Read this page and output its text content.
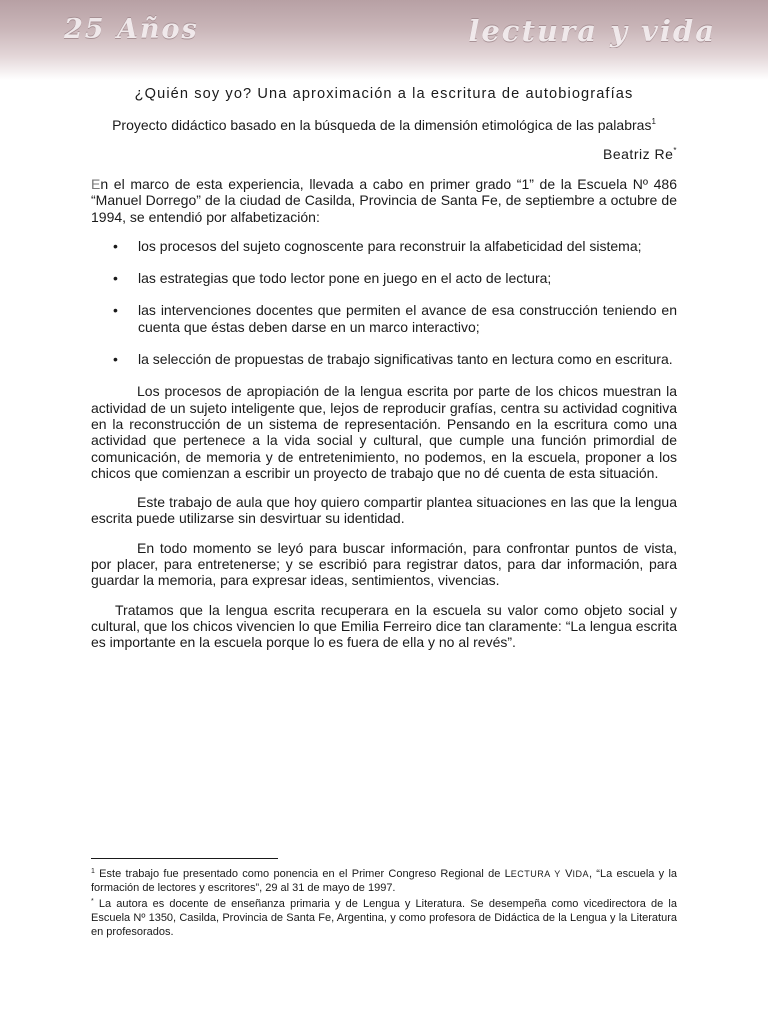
25 Años	lectura y vida
¿Quién soy yo? Una aproximación a la escritura de autobiografías
Proyecto didáctico basado en la búsqueda de la dimensión etimológica de las palabras$^1$
Beatriz Re*

En el marco de esta experiencia, llevada a cabo en primer grado “1” de la Escuela Nº 486 “Manuel Dorrego” de la ciudad de Casilda, Provincia de Santa Fe, de septiembre a octubre de 1994, se entendió por alfabetización:

• los procesos del sujeto cognoscente para reconstruir la alfabeticidad del sistema;
• las estrategias que todo lector pone en juego en el acto de lectura;
• las intervenciones docentes que permiten el avance de esa construcción teniendo en cuenta que éstas deben darse en un marco interactivo;
• la selección de propuestas de trabajo significativas tanto en lectura como en escritura.

Los procesos de apropiación de la lengua escrita por parte de los chicos muestran la actividad de un sujeto inteligente que, lejos de reproducir grafías, centra su actividad cognitiva en la reconstrucción de un sistema de representación. Pensando en la escritura como una actividad que pertenece a la vida social y cultural, que cumple una función primordial de comunicación, de memoria y de entretenimiento, no podemos, en la escuela, proponer a los chicos que comienzan a escribir un proyecto de trabajo que no dé cuenta de esta situación.

Este trabajo de aula que hoy quiero compartir plantea situaciones en las que la lengua escrita puede utilizarse sin desvirtuar su identidad.

En todo momento se leyó para buscar información, para confrontar puntos de vista, por placer, para entretenerse; y se escribió para registrar datos, para dar información, para guardar la memoria, para expresar ideas, sentimientos, vivencias.

Tratamos que la lengua escrita recuperara en la escuela su valor como objeto social y cultural, que los chicos vivencien lo que Emilia Ferreiro dice tan claramente: “La lengua escrita es importante en la escuela porque lo es fuera de ella y no al revés”.

$^1$ Este trabajo fue presentado como ponencia en el Primer Congreso Regional de LECTURA Y VIDA, “La escuela y la formación de lectores y escritores”, 29 al 31 de mayo de 1997.

* La autora es docente de enseñanza primaria y de Lengua y Literatura. Se desempeña como vicedirectora de la Escuela Nº 1350, Casilda, Provincia de Santa Fe, Argentina, y como profesora de Didáctica de la Lengua y la Literatura en profesorados.
